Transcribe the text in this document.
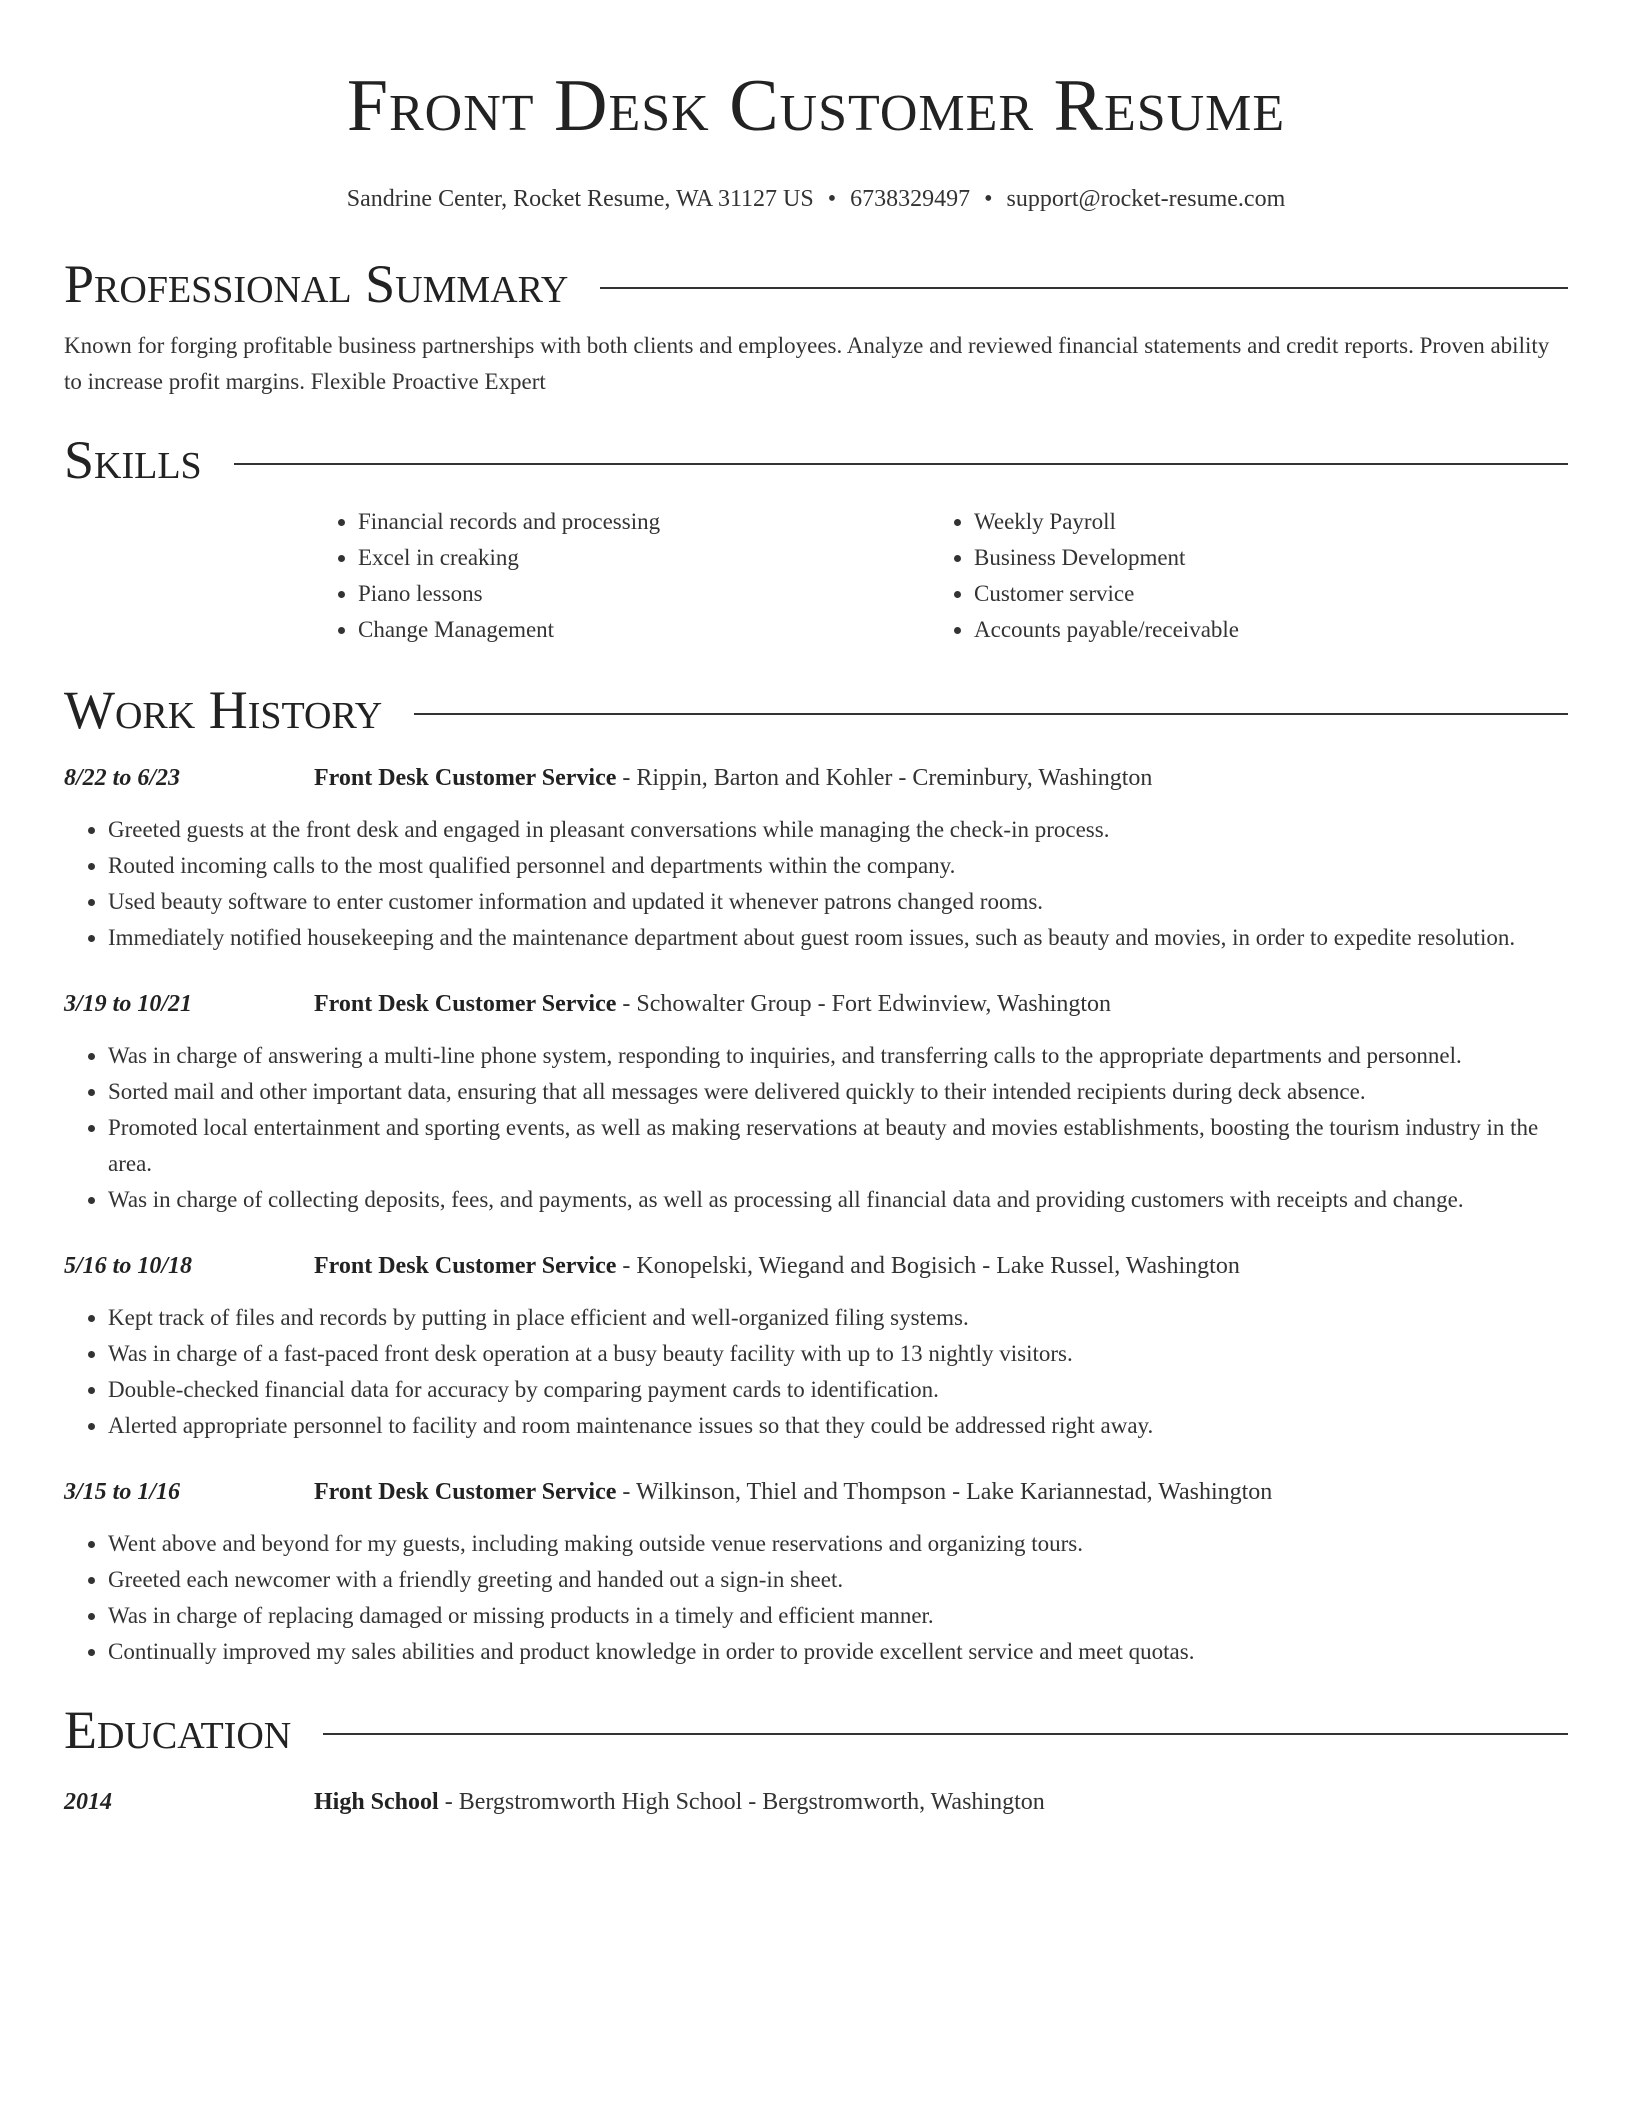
Front Desk Customer Resume
Sandrine Center, Rocket Resume, WA 31127 US • 6738329497 • support@rocket-resume.com
Professional Summary

Known for forging profitable business partnerships with both clients and employees. Analyze and reviewed financial statements and credit reports. Proven ability to increase profit margins. Flexible Proactive Expert

Skills
• Financial records and processing
• Excel in creaking
• Piano lessons
• Change Management
• Weekly Payroll
• Business Development
• Customer service
• Accounts payable/receivable
Work History
8/22 to 6/23	Front Desk Customer Service - Rippin, Barton and Kohler - Creminbury, Washington
• Greeted guests at the front desk and engaged in pleasant conversations while managing the check-in process.
• Routed incoming calls to the most qualified personnel and departments within the company.
• Used beauty software to enter customer information and updated it whenever patrons changed rooms.
• Immediately notified housekeeping and the maintenance department about guest room issues, such as beauty and movies, in order to expedite resolution.
3/19 to 10/21	Front Desk Customer Service - Schowalter Group - Fort Edwinview, Washington
• Was in charge of answering a multi-line phone system, responding to inquiries, and transferring calls to the appropriate departments and personnel.
• Sorted mail and other important data, ensuring that all messages were delivered quickly to their intended recipients during deck absence.
• Promoted local entertainment and sporting events, as well as making reservations at beauty and movies establishments, boosting the tourism industry in the area.
• Was in charge of collecting deposits, fees, and payments, as well as processing all financial data and providing customers with receipts and change.
5/16 to 10/18	Front Desk Customer Service - Konopelski, Wiegand and Bogisich - Lake Russel, Washington
• Kept track of files and records by putting in place efficient and well-organized filing systems.
• Was in charge of a fast-paced front desk operation at a busy beauty facility with up to 13 nightly visitors.
• Double-checked financial data for accuracy by comparing payment cards to identification.
• Alerted appropriate personnel to facility and room maintenance issues so that they could be addressed right away.
3/15 to 1/16	Front Desk Customer Service - Wilkinson, Thiel and Thompson - Lake Kariannestad, Washington
• Went above and beyond for my guests, including making outside venue reservations and organizing tours.
• Greeted each newcomer with a friendly greeting and handed out a sign-in sheet.
• Was in charge of replacing damaged or missing products in a timely and efficient manner.
• Continually improved my sales abilities and product knowledge in order to provide excellent service and meet quotas.
Education
2014	High School - Bergstromworth High School - Bergstromworth, Washington
